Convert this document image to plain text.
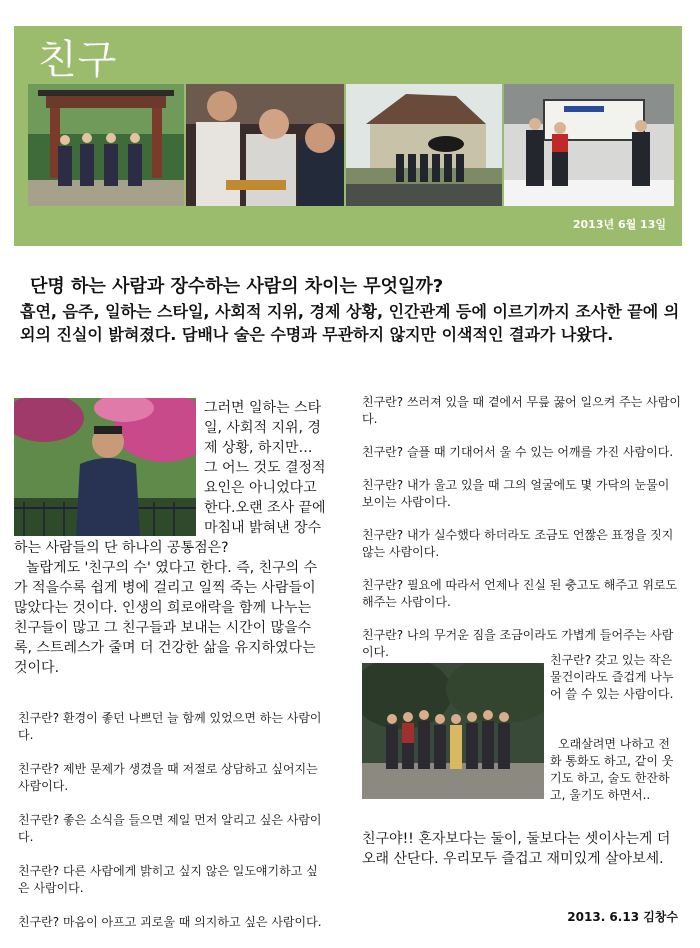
친구
2013년 6월 13일
단명 하는 사람과 장수하는 사람의 차이는 무엇일까?
흡연, 음주, 일하는 스타일, 사회적 지위, 경제 상황, 인간관계 등에 이르기까지 조사한 끝에 의외의 진실이 밝혀졌다. 담배나 술은 수명과 무관하지 않지만 이색적인 결과가 나왔다.

그러면 일하는 스타일, 사회적 지위, 경제 상황, 하지만… 그 어느 것도 결정적 요인은 아니었다고 한다.오랜 조사 끝에 마침내 밝혀낸 장수하는 사람들의 단 하나의 공통점은?

놀랍게도 '친구의 수' 였다고 한다. 즉, 친구의 수가 적을수록 쉽게 병에 걸리고 일찍 죽는 사람들이 많았다는 것이다. 인생의 희로애락을 함께 나누는 친구들이 많고 그 친구들과 보내는 시간이 많을수록, 스트레스가 줄며 더 건강한 삶을 유지하였다는 것이다.

친구란? 환경이 좋던 나쁘던 늘 함께 있었으면 하는 사람이다.

친구란? 제반 문제가 생겼을 때 저절로 상담하고 싶어지는 사람이다.

친구란? 좋은 소식을 들으면 제일 먼저 알리고 싶은 사람이다.

친구란? 다른 사람에게 밝히고 싶지 않은 일도얘기하고 싶은 사람이다.

친구란? 마음이 아프고 괴로울 때 의지하고 싶은 사람이다.

친구란? 쓰러져 있을 때 곁에서 무릎 꿇어 일으켜 주는 사람이다.

친구란? 슬플 때 기대어서 울 수 있는 어깨를 가진 사람이다.

친구란? 내가 울고 있을 때 그의 얼굴에도 몇 가닥의 눈물이 보이는 사람이다.

친구란? 내가 실수했다 하더라도 조금도 언짢은 표정을 짓지 않는 사람이다.

친구란? 필요에 따라서 언제나 진실 된 충고도 해주고 위로도 해주는 사람이다.

친구란? 나의 무거운 짐을 조금이라도 가볍게 들어주는 사람이다.

친구란? 갖고 있는 작은 물건이라도 즐겁게 나누어 쓸 수 있는 사람이다.

오래살려면 나하고 전화 통화도 하고, 같이 웃기도 하고, 술도 한잔하고, 울기도 하면서..

친구야!! 혼자보다는 둘이, 둘보다는 셋이사는게 더 오래 산단다. 우리모두 즐겁고 재미있게 살아보세.

2013. 6.13 김창수
